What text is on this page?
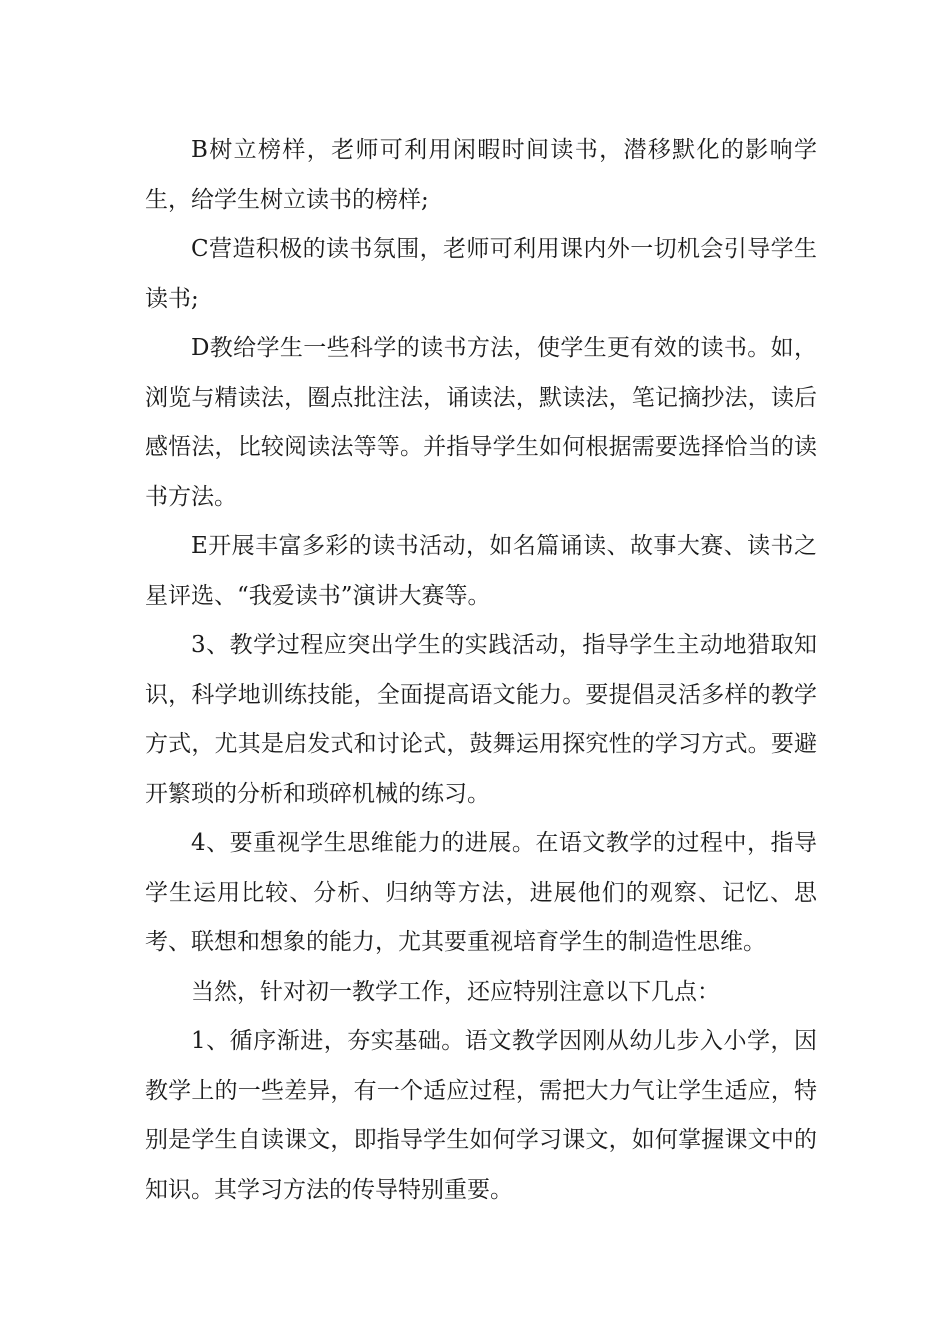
B树立榜样，老师可利用闲暇时间读书，潜移默化的影响学生，给学生树立读书的榜样;

C营造积极的读书氛围，老师可利用课内外一切机会引导学生读书;

D教给学生一些科学的读书方法，使学生更有效的读书。如，浏览与精读法，圈点批注法，诵读法，默读法，笔记摘抄法，读后感悟法，比较阅读法等等。并指导学生如何根据需要选择恰当的读书方法。

E开展丰富多彩的读书活动，如名篇诵读、故事大赛、读书之星评选、“我爱读书”演讲大赛等。

3、教学过程应突出学生的实践活动，指导学生主动地猎取知识，科学地训练技能，全面提高语文能力。要提倡灵活多样的教学方式，尤其是启发式和讨论式，鼓舞运用探究性的学习方式。要避开繁琐的分析和琐碎机械的练习。

4、要重视学生思维能力的进展。在语文教学的过程中，指导学生运用比较、分析、归纳等方法，进展他们的观察、记忆、思考、联想和想象的能力，尤其要重视培育学生的制造性思维。

当然，针对初一教学工作，还应特别注意以下几点：

1、循序渐进，夯实基础。语文教学因刚从幼儿步入小学，因教学上的一些差异，有一个适应过程，需把大力气让学生适应，特别是学生自读课文，即指导学生如何学习课文，如何掌握课文中的知识。其学习方法的传导特别重要。
